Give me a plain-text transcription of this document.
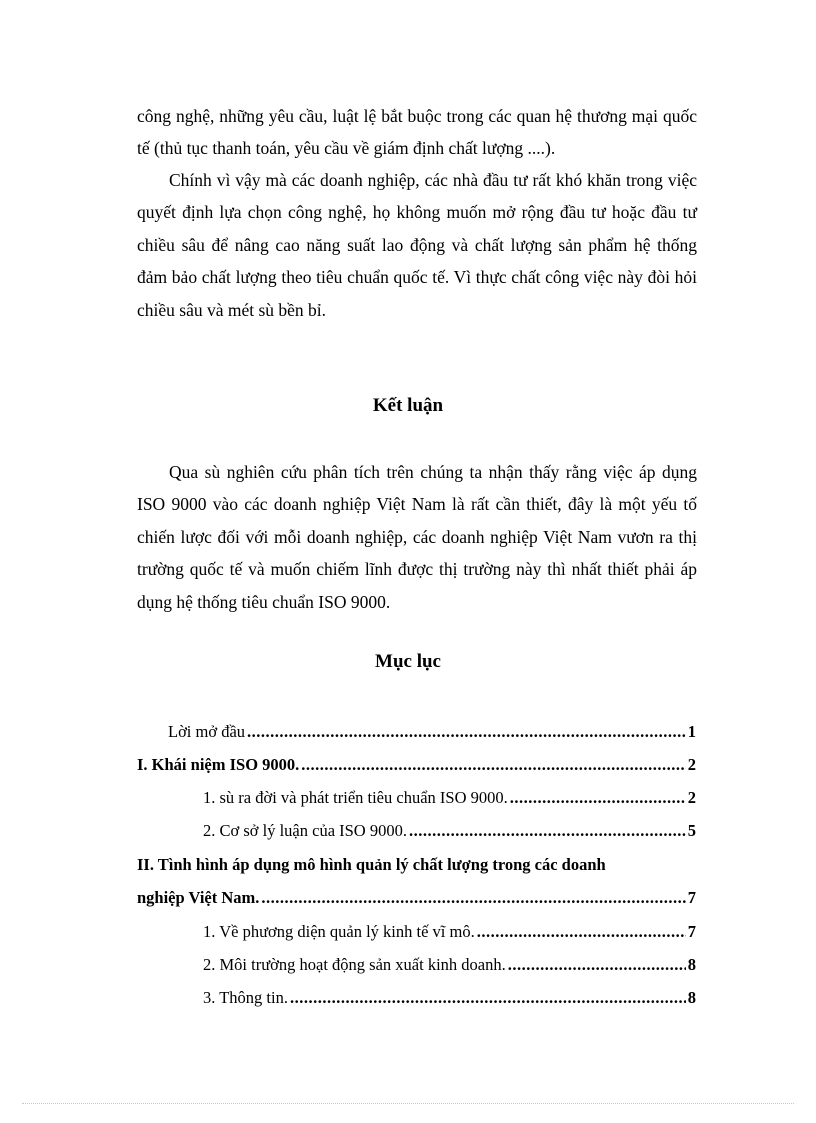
công nghệ, những yêu cầu, luật lệ bắt buộc trong các quan hệ thương mại quốc tế (thủ tục thanh toán, yêu cầu về giám định chất lượng ....).

Chính vì vậy mà các doanh nghiệp, các nhà đầu tư rất khó khăn trong việc quyết định lựa chọn công nghệ, họ không muốn mở rộng đầu tư hoặc đầu tư chiều sâu để nâng cao năng suất lao động và chất lượng sản phẩm hệ thống đảm bảo chất lượng theo tiêu chuẩn quốc tế. Vì thực chất công việc này đòi hỏi chiều sâu và mét sù bền bỉ.

Kết luận

Qua sù nghiên cứu phân tích trên chúng ta nhận thấy rằng việc áp dụng ISO 9000 vào các doanh nghiệp Việt Nam là rất cần thiết, đây là một yếu tố chiến lược đối với mỗi doanh nghiệp, các doanh nghiệp Việt Nam vươn ra thị trường quốc tế và muốn chiếm lĩnh được thị trường này thì nhất thiết phải áp dụng hệ thống tiêu chuẩn ISO 9000.

Mục lục
Lời mở đầu .....	1
I. Khái niệm ISO 9000. .....	2
1. sù ra đời và phát triển tiêu chuẩn ISO 9000. .....	2
2. Cơ sở lý luận của ISO 9000. .....	5
II. Tình hình áp dụng mô hình quản lý chất lượng trong các doanh
nghiệp Việt Nam. .....	7
1. Về phương diện quản lý kinh tế vĩ mô. .....	7
2. Môi trường hoạt động sản xuất kinh doanh. .....	8
3. Thông tin. .....	8
